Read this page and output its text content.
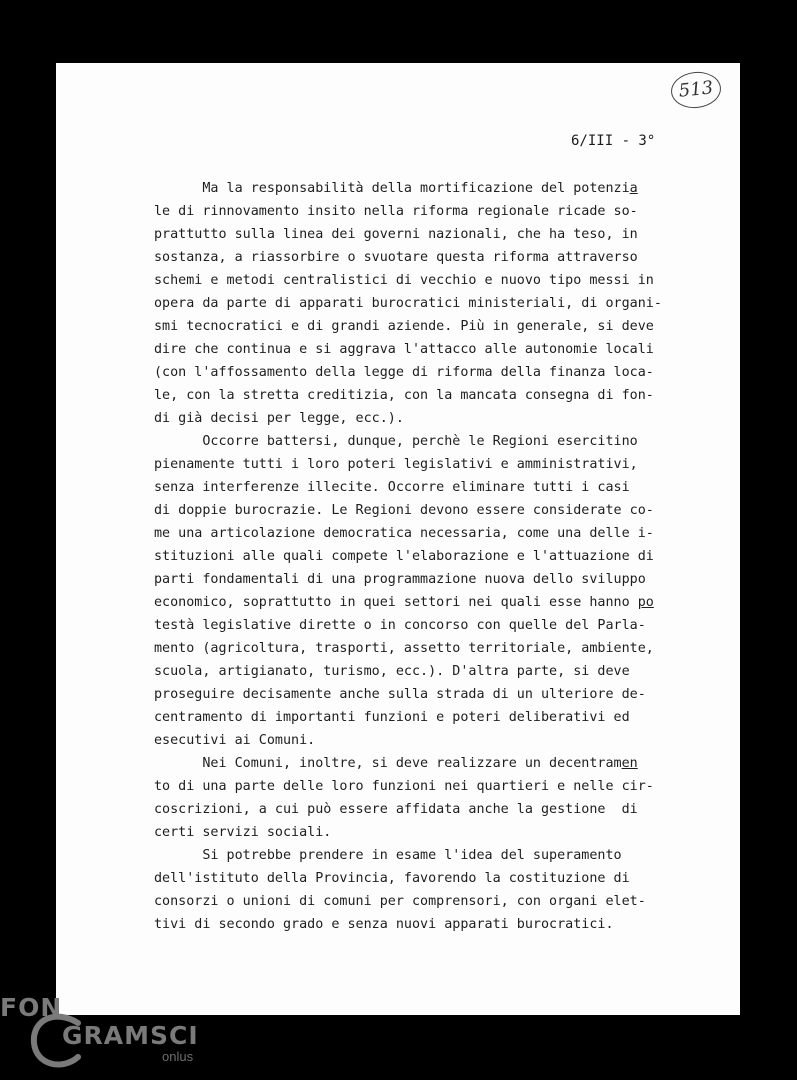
513
6/III - 3°
Ma la responsabilità della mortificazione del potenzia
le di rinnovamento insito nella riforma regionale ricade so-
prattutto sulla linea dei governi nazionali, che ha teso, in
sostanza, a riassorbire o svuotare questa riforma attraverso
schemi e metodi centralistici di vecchio e nuovo tipo messi in
opera da parte di apparati burocratici ministeriali, di organi-
smi tecnocratici e di grandi aziende. Più in generale, si deve
dire che continua e si aggrava l'attacco alle autonomie locali
(con l'affossamento della legge di riforma della finanza loca-
le, con la stretta creditizia, con la mancata consegna di fon-
di già decisi per legge, ecc.).
Occorre battersi, dunque, perchè le Regioni esercitino
pienamente tutti i loro poteri legislativi e amministrativi,
senza interferenze illecite. Occorre eliminare tutti i casi
di doppie burocrazie. Le Regioni devono essere considerate co-
me una articolazione democratica necessaria, come una delle i-
stituzioni alle quali compete l'elaborazione e l'attuazione di
parti fondamentali di una programmazione nuova dello sviluppo
economico, soprattutto in quei settori nei quali esse hanno po
testà legislative dirette o in concorso con quelle del Parla-
mento (agricoltura, trasporti, assetto territoriale, ambiente,
scuola, artigianato, turismo, ecc.). D'altra parte, si deve
proseguire decisamente anche sulla strada di un ulteriore de-
centramento di importanti funzioni e poteri deliberativi ed
esecutivi ai Comuni.
Nei Comuni, inoltre, si deve realizzare un decentramen
to di una parte delle loro funzioni nei quartieri e nelle cir-
coscrizioni, a cui può essere affidata anche la gestione  di
certi servizi sociali.
Si potrebbe prendere in esame l'idea del superamento
dell'istituto della Provincia, favorendo la costituzione di
consorzi o unioni di comuni per comprensori, con organi elet-
tivi di secondo grado e senza nuovi apparati burocratici.
FON
GRAMSCI
onlus
